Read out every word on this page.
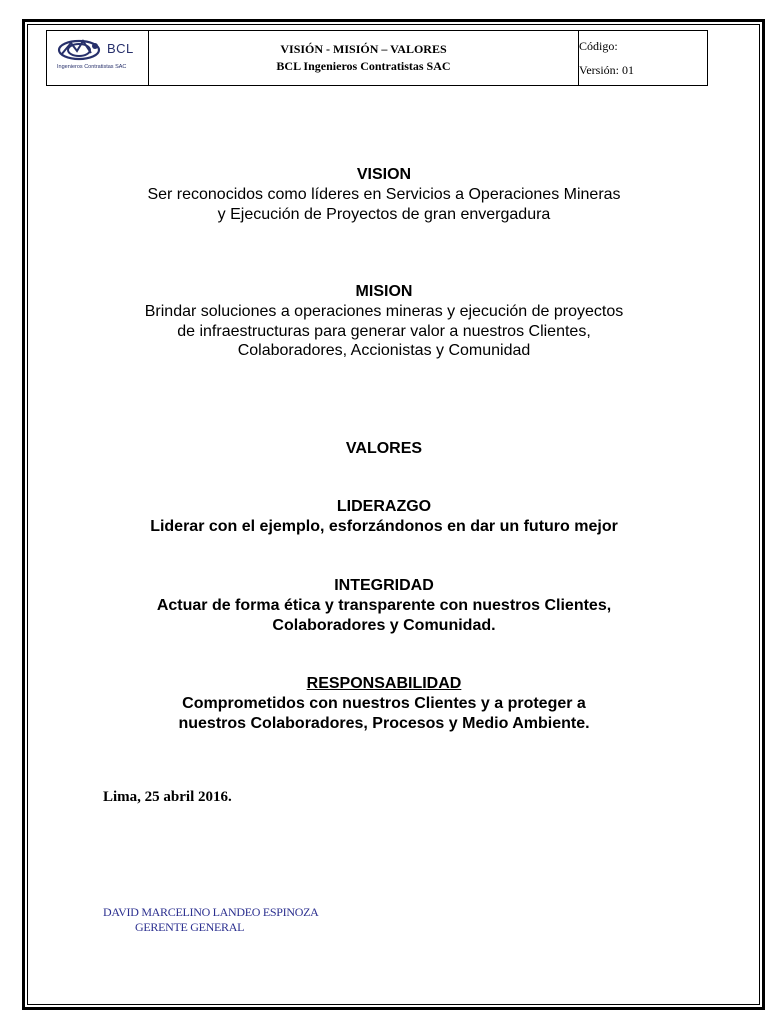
BCL
Ingenieros Contratistas SAC
VISIÓN - MISIÓN – VALORES
BCL Ingenieros Contratistas SAC
Código:
Versión: 01
VISION
Ser reconocidos como líderes en Servicios a Operaciones Mineras
y Ejecución de Proyectos de gran envergadura
MISION
Brindar soluciones a operaciones mineras y ejecución de proyectos
de infraestructuras para generar valor a nuestros Clientes,
Colaboradores, Accionistas y Comunidad
VALORES
LIDERAZGO
Liderar con el ejemplo, esforzándonos en dar un futuro mejor
INTEGRIDAD
Actuar de forma ética y transparente con nuestros Clientes,
Colaboradores y Comunidad.
RESPONSABILIDAD
Comprometidos con nuestros Clientes y a proteger a
nuestros Colaboradores, Procesos y Medio Ambiente.
Lima, 25 abril 2016.
DAVID MARCELINO LANDEO ESPINOZA
GERENTE GENERAL
